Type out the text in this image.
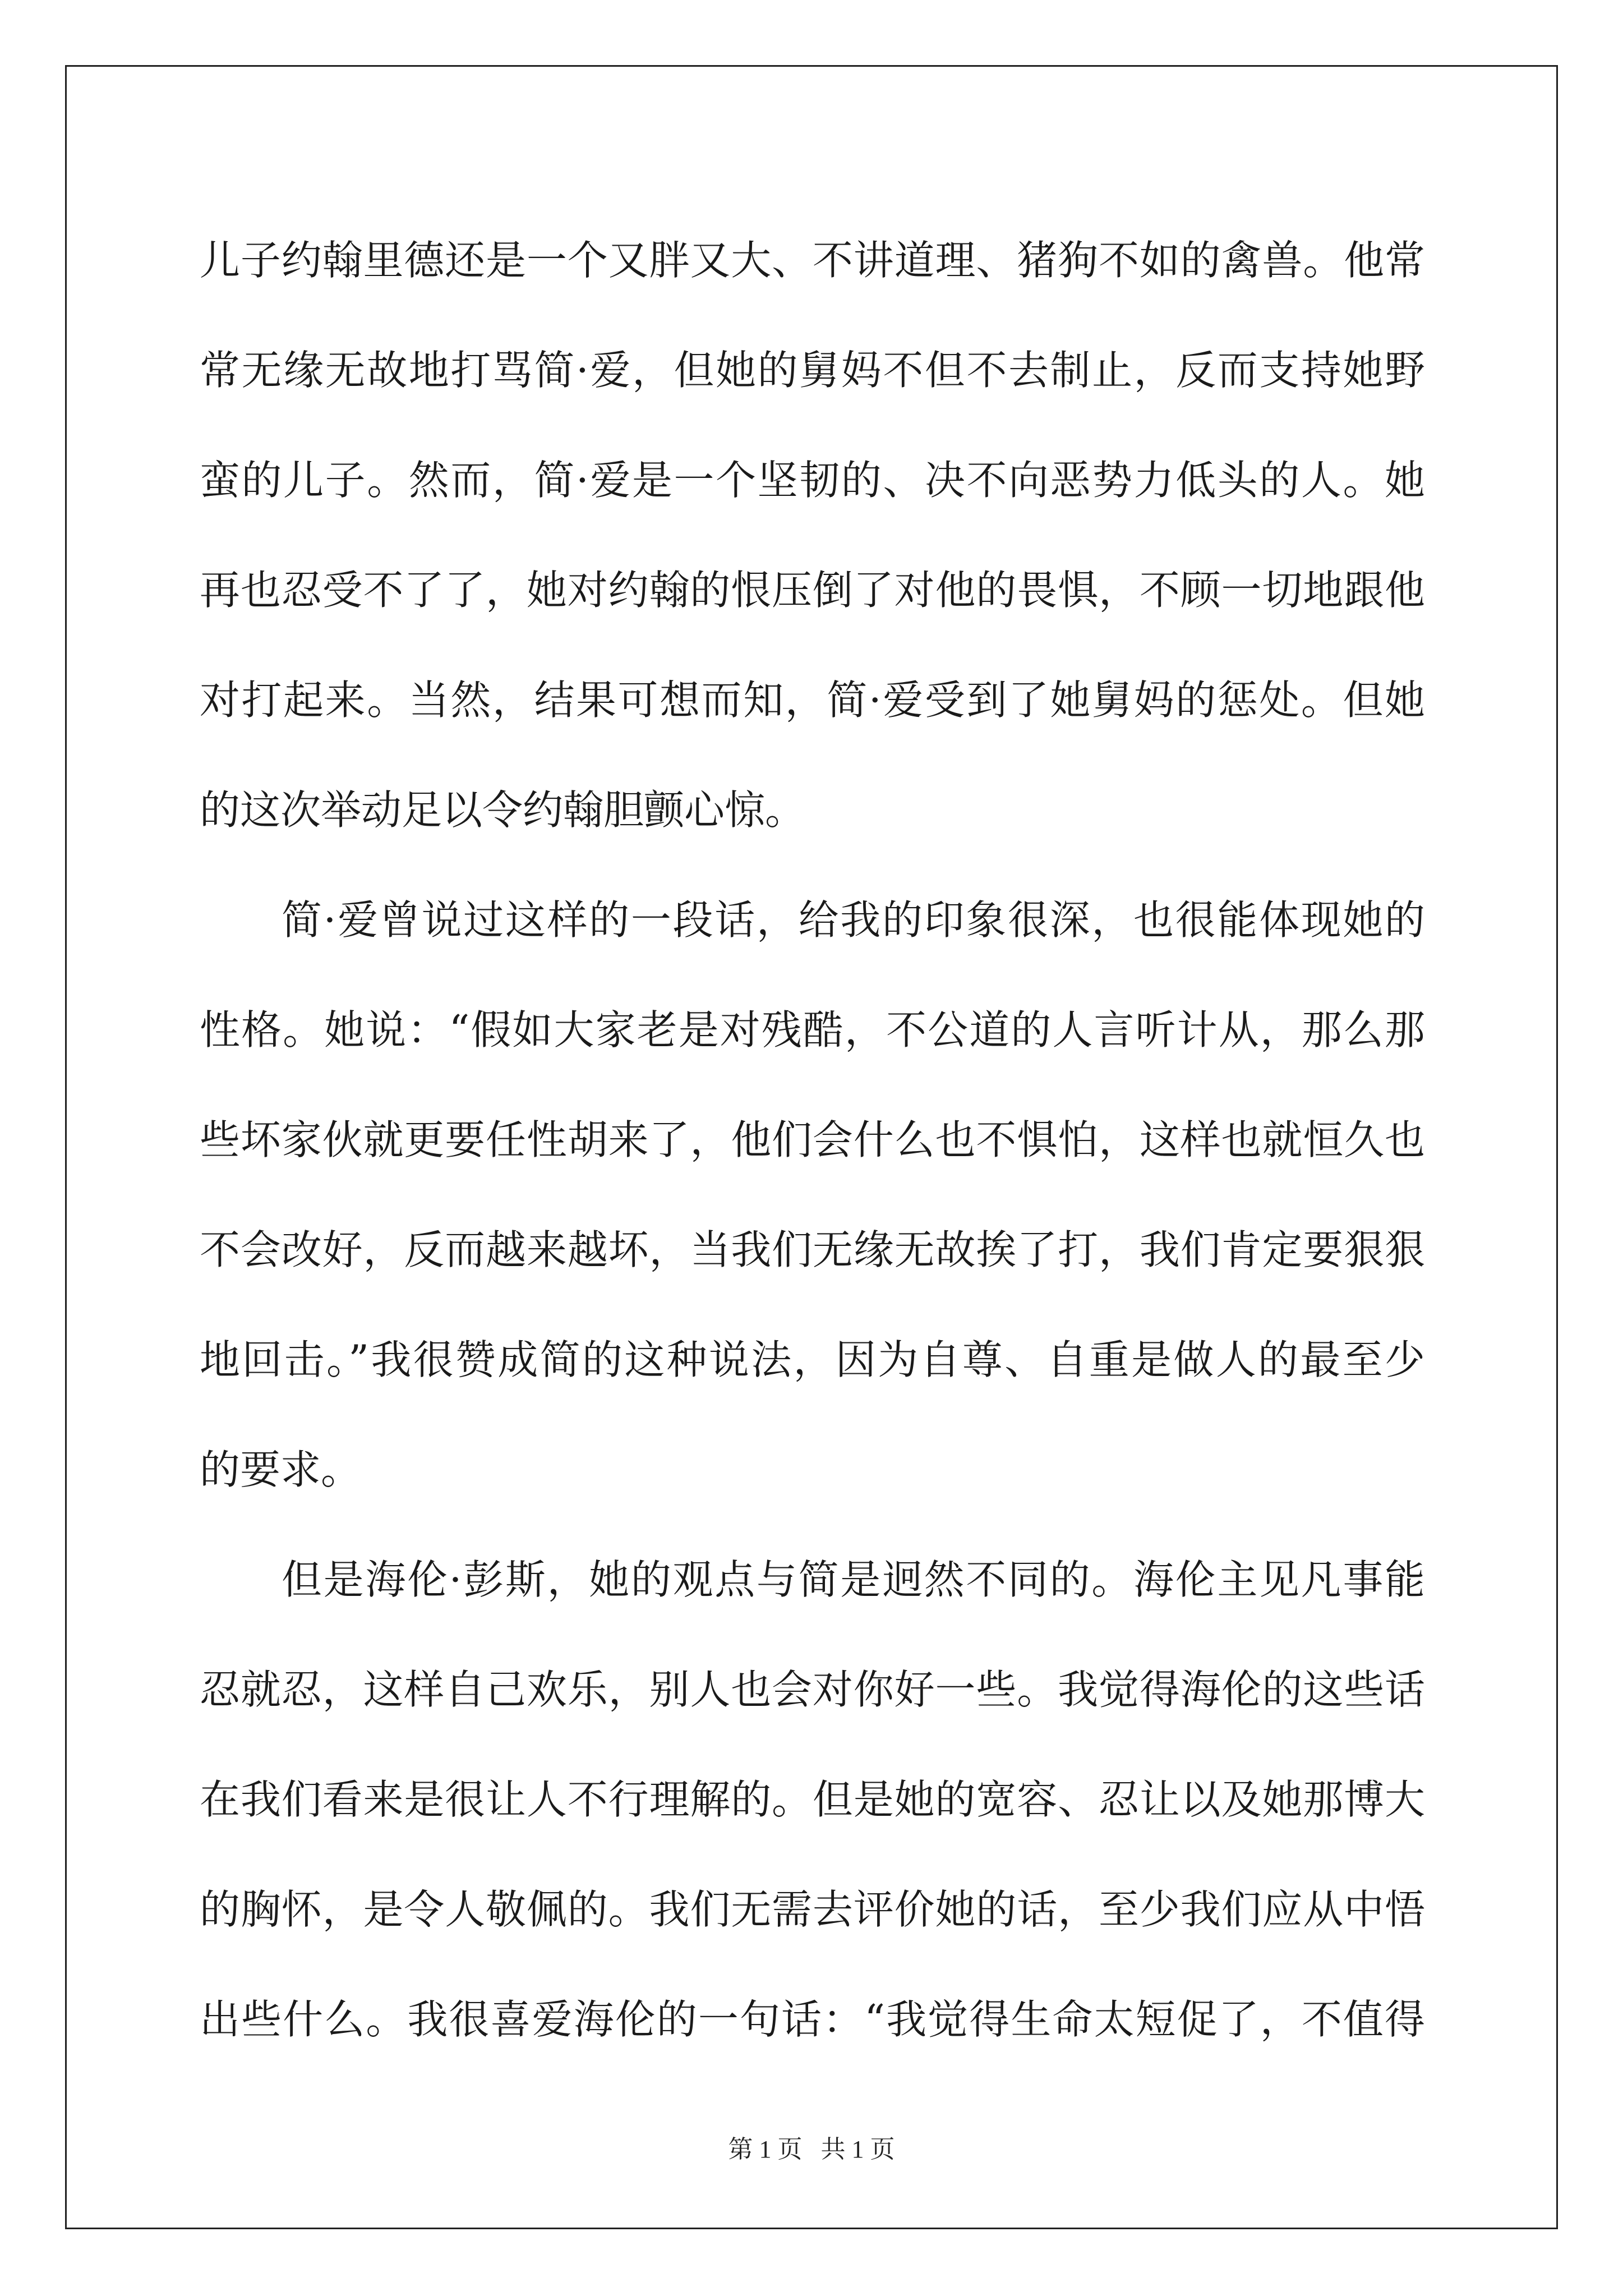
儿子约翰里德还是一个又胖又大、不讲道理、猪狗不如的禽兽。他常
常无缘无故地打骂简·爱，但她的舅妈不但不去制止，反而支持她野
蛮的儿子。然而，简·爱是一个坚韧的、决不向恶势力低头的人。她
再也忍受不了了，她对约翰的恨压倒了对他的畏惧，不顾一切地跟他
对打起来。当然，结果可想而知，简·爱受到了她舅妈的惩处。但她
的这次举动足以令约翰胆颤心惊。
简·爱曾说过这样的一段话，给我的印象很深，也很能体现她的
性格。她说：“假如大家老是对残酷，不公道的人言听计从，那么那
些坏家伙就更要任性胡来了，他们会什么也不惧怕，这样也就恒久也
不会改好，反而越来越坏，当我们无缘无故挨了打，我们肯定要狠狠
地回击。”我很赞成简的这种说法，因为自尊、自重是做人的最至少
的要求。
但是海伦·彭斯，她的观点与简是迥然不同的。海伦主见凡事能
忍就忍，这样自己欢乐，别人也会对你好一些。我觉得海伦的这些话
在我们看来是很让人不行理解的。但是她的宽容、忍让以及她那博大
的胸怀，是令人敬佩的。我们无需去评价她的话，至少我们应从中悟
出些什么。我很喜爱海伦的一句话：“我觉得生命太短促了，不值得
第 1 页   共 1 页
